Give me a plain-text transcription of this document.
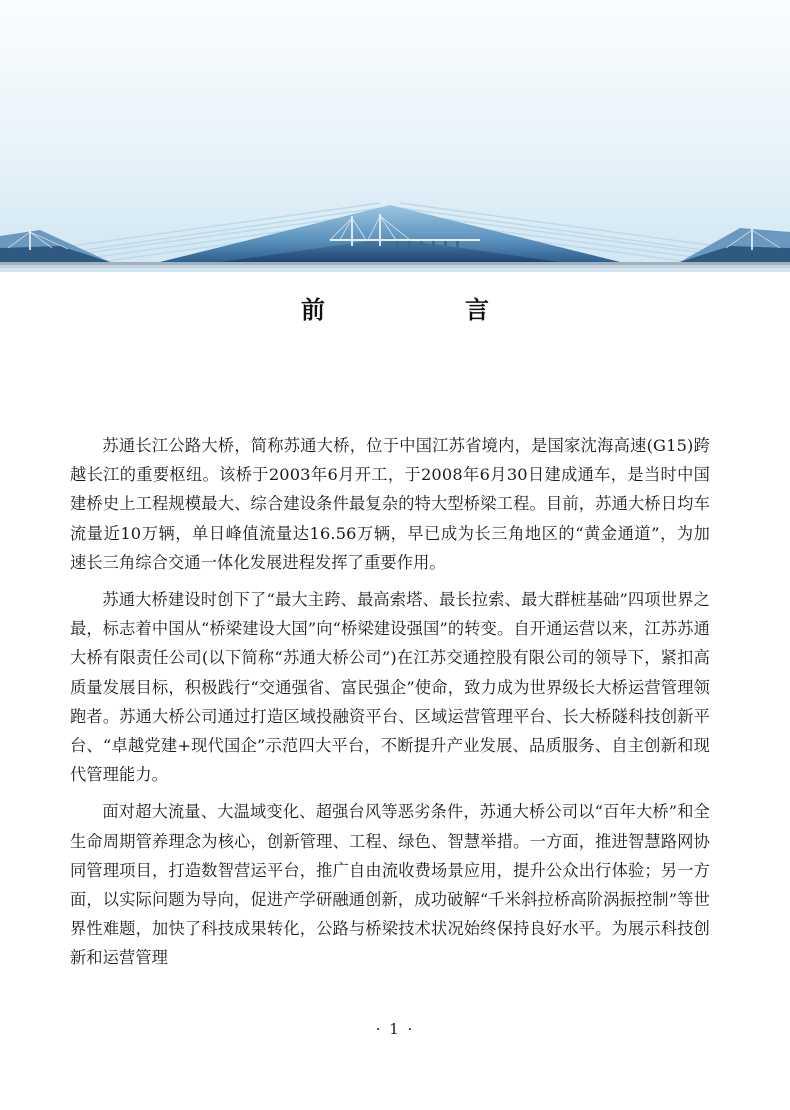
前　言

苏通长江公路大桥，简称苏通大桥，位于中国江苏省境内，是国家沈海高速(G15)跨越长江的重要枢纽。该桥于2003年6月开工，于2008年6月30日建成通车，是当时中国建桥史上工程规模最大、综合建设条件最复杂的特大型桥梁工程。目前，苏通大桥日均车流量近10万辆，单日峰值流量达16.56万辆，早已成为长三角地区的“黄金通道”，为加速长三角综合交通一体化发展进程发挥了重要作用。

苏通大桥建设时创下了“最大主跨、最高索塔、最长拉索、最大群桩基础”四项世界之最，标志着中国从“桥梁建设大国”向“桥梁建设强国”的转变。自开通运营以来，江苏苏通大桥有限责任公司(以下简称“苏通大桥公司”)在江苏交通控股有限公司的领导下，紧扣高质量发展目标，积极践行“交通强省、富民强企”使命，致力成为世界级长大桥运营管理领跑者。苏通大桥公司通过打造区域投融资平台、区域运营管理平台、长大桥隧科技创新平台、“卓越党建+现代国企”示范四大平台，不断提升产业发展、品质服务、自主创新和现代管理能力。

面对超大流量、大温域变化、超强台风等恶劣条件，苏通大桥公司以“百年大桥”和全生命周期管养理念为核心，创新管理、工程、绿色、智慧举措。一方面，推进智慧路网协同管理项目，打造数智营运平台，推广自由流收费场景应用，提升公众出行体验；另一方面，以实际问题为导向，促进产学研融通创新，成功破解“千米斜拉桥高阶涡振控制”等世界性难题，加快了科技成果转化，公路与桥梁技术状况始终保持良好水平。为展示科技创新和运营管理

· 1 ·
